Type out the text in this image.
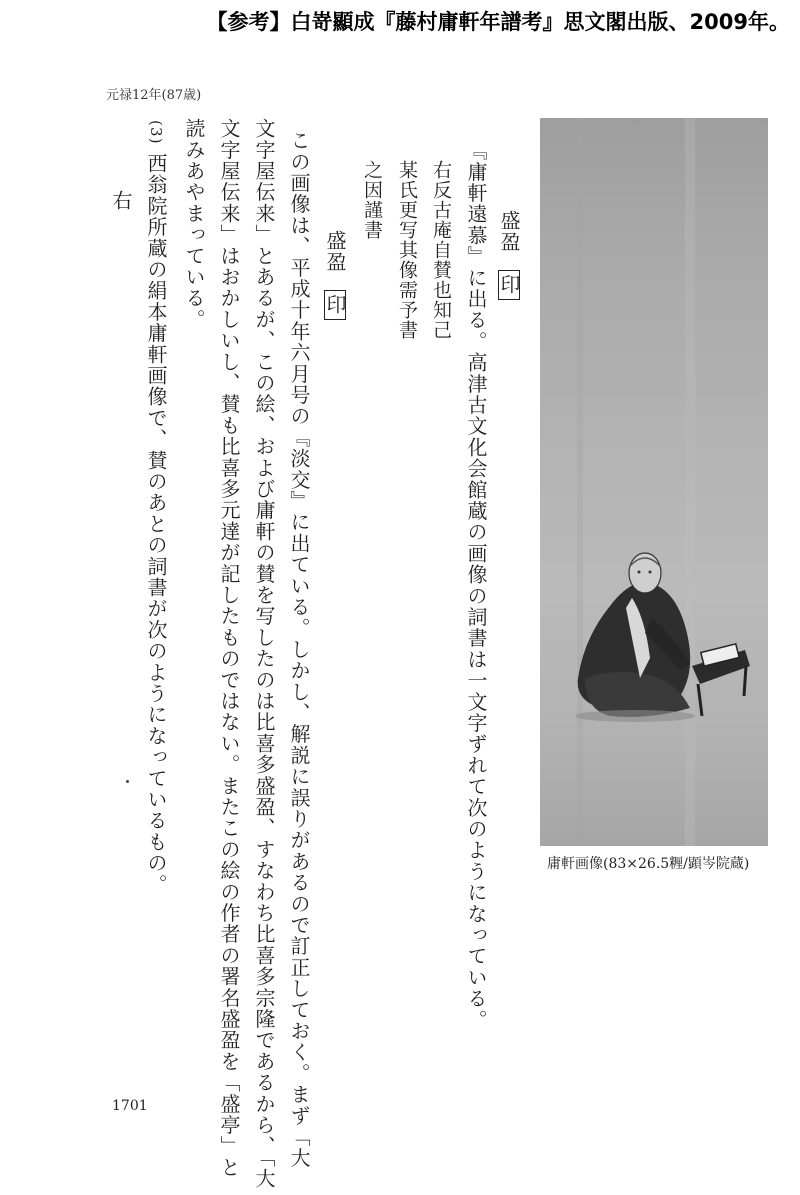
【参考】白嵜顯成『藤村庸軒年譜考』思文閣出版、2009年。
元禄12年(87歳)
庸軒画像(83×26.5糎/顕岑院蔵)
盛盈印
『庸軒遠慕』に出る。高津古文化会館蔵の画像の詞書は一文字ずれて次のようになっている。
右反古庵自賛也知己
某氏更写其像需予書
之因謹書
盛盈印
この画像は、平成十年六月号の『淡交』に出ている。しかし、解説に誤りがあるので訂正しておく。まず「大
文字屋伝来」とあるが、この絵、および庸軒の賛を写したのは比喜多盛盈、すなわち比喜多宗隆であるから、「大
文字屋伝来」はおかしいし、賛も比喜多元達が記したものではない。またこの絵の作者の署名盛盈を「盛亭」と
読みあやまっている。
(3)西翁院所蔵の絹本庸軒画像で、賛のあとの詞書が次のようになっているもの。
右
1701
